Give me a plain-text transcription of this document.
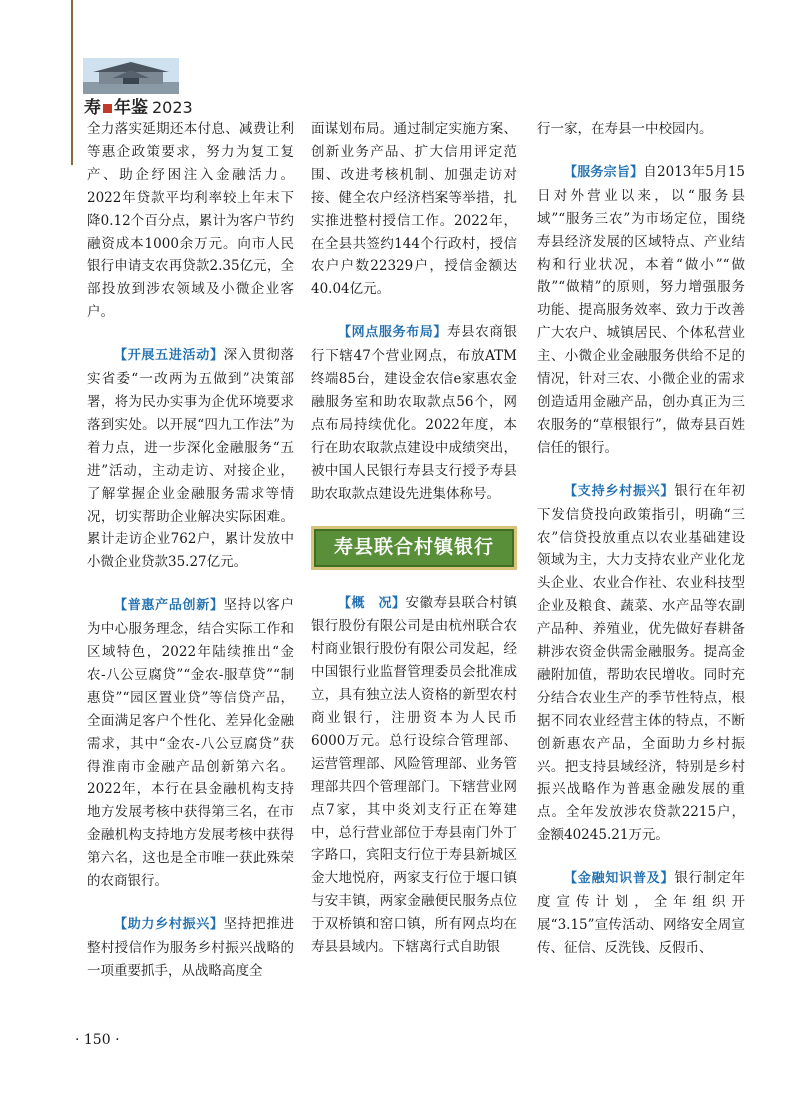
寿 年鉴 2023

全力落实延期还本付息、减费让利等惠企政策要求，努力为复工复产、助企纾困注入金融活力。2022年贷款平均利率较上年末下降0.12个百分点，累计为客户节约融资成本1000余万元。向市人民银行申请支农再贷款2.35亿元，全部投放到涉农领域及小微企业客户。

【开展五进活动】深入贯彻落实省委“一改两为五做到”决策部署，将为民办实事为企优环境要求落到实处。以开展“四九工作法”为着力点，进一步深化金融服务“五进”活动，主动走访、对接企业，了解掌握企业金融服务需求等情况，切实帮助企业解决实际困难。累计走访企业762户，累计发放中小微企业贷款35.27亿元。

【普惠产品创新】坚持以客户为中心服务理念，结合实际工作和区域特色，2022年陆续推出“金农-八公豆腐贷”“金农-服草贷”“制惠贷”“园区置业贷”等信贷产品，全面满足客户个性化、差异化金融需求，其中“金农-八公豆腐贷”获得淮南市金融产品创新第六名。2022年，本行在县金融机构支持地方发展考核中获得第三名，在市金融机构支持地方发展考核中获得第六名，这也是全市唯一获此殊荣的农商银行。

【助力乡村振兴】坚持把推进整村授信作为服务乡村振兴战略的一项重要抓手，从战略高度全

面谋划布局。通过制定实施方案、创新业务产品、扩大信用评定范围、改进考核机制、加强走访对接、健全农户经济档案等举措，扎实推进整村授信工作。2022年，在全县共签约144个行政村，授信农户户数22329户，授信金额达40.04亿元。

【网点服务布局】寿县农商银行下辖47个营业网点，布放ATM终端85台，建设金农信e家惠农金融服务室和助农取款点56个，网点布局持续优化。2022年度，本行在助农取款点建设中成绩突出，被中国人民银行寿县支行授予寿县助农取款点建设先进集体称号。

寿县联合村镇银行

【概　况】安徽寿县联合村镇银行股份有限公司是由杭州联合农村商业银行股份有限公司发起，经中国银行业监督管理委员会批准成立，具有独立法人资格的新型农村商业银行，注册资本为人民币6000万元。总行设综合管理部、运营管理部、风险管理部、业务管理部共四个管理部门。下辖营业网点7家，其中炎刘支行正在筹建中，总行营业部位于寿县南门外丁字路口，宾阳支行位于寿县新城区金大地悦府，两家支行位于堰口镇与安丰镇，两家金融便民服务点位于双桥镇和窑口镇，所有网点均在寿县县域内。下辖离行式自助银

行一家，在寿县一中校园内。

【服务宗旨】自2013年5月15日对外营业以来，以“服务县域”“服务三农”为市场定位，围绕寿县经济发展的区域特点、产业结构和行业状况，本着“做小”“做散”“做精”的原则，努力增强服务功能、提高服务效率、致力于改善广大农户、城镇居民、个体私营业主、小微企业金融服务供给不足的情况，针对三农、小微企业的需求创造适用金融产品，创办真正为三农服务的“草根银行”，做寿县百姓信任的银行。

【支持乡村振兴】银行在年初下发信贷投向政策指引，明确“三农”信贷投放重点以农业基础建设领域为主，大力支持农业产业化龙头企业、农业合作社、农业科技型企业及粮食、蔬菜、水产品等农副产品种、养殖业，优先做好春耕备耕涉农资金供需金融服务。提高金融附加值，帮助农民增收。同时充分结合农业生产的季节性特点，根据不同农业经营主体的特点，不断创新惠农产品，全面助力乡村振兴。把支持县域经济，特别是乡村振兴战略作为普惠金融发展的重点。全年发放涉农贷款2215户，金额40245.21万元。

【金融知识普及】银行制定年度宣传计划，全年组织开展“3.15”宣传活动、网络安全周宣传、征信、反洗钱、反假币、

· 150 ·
